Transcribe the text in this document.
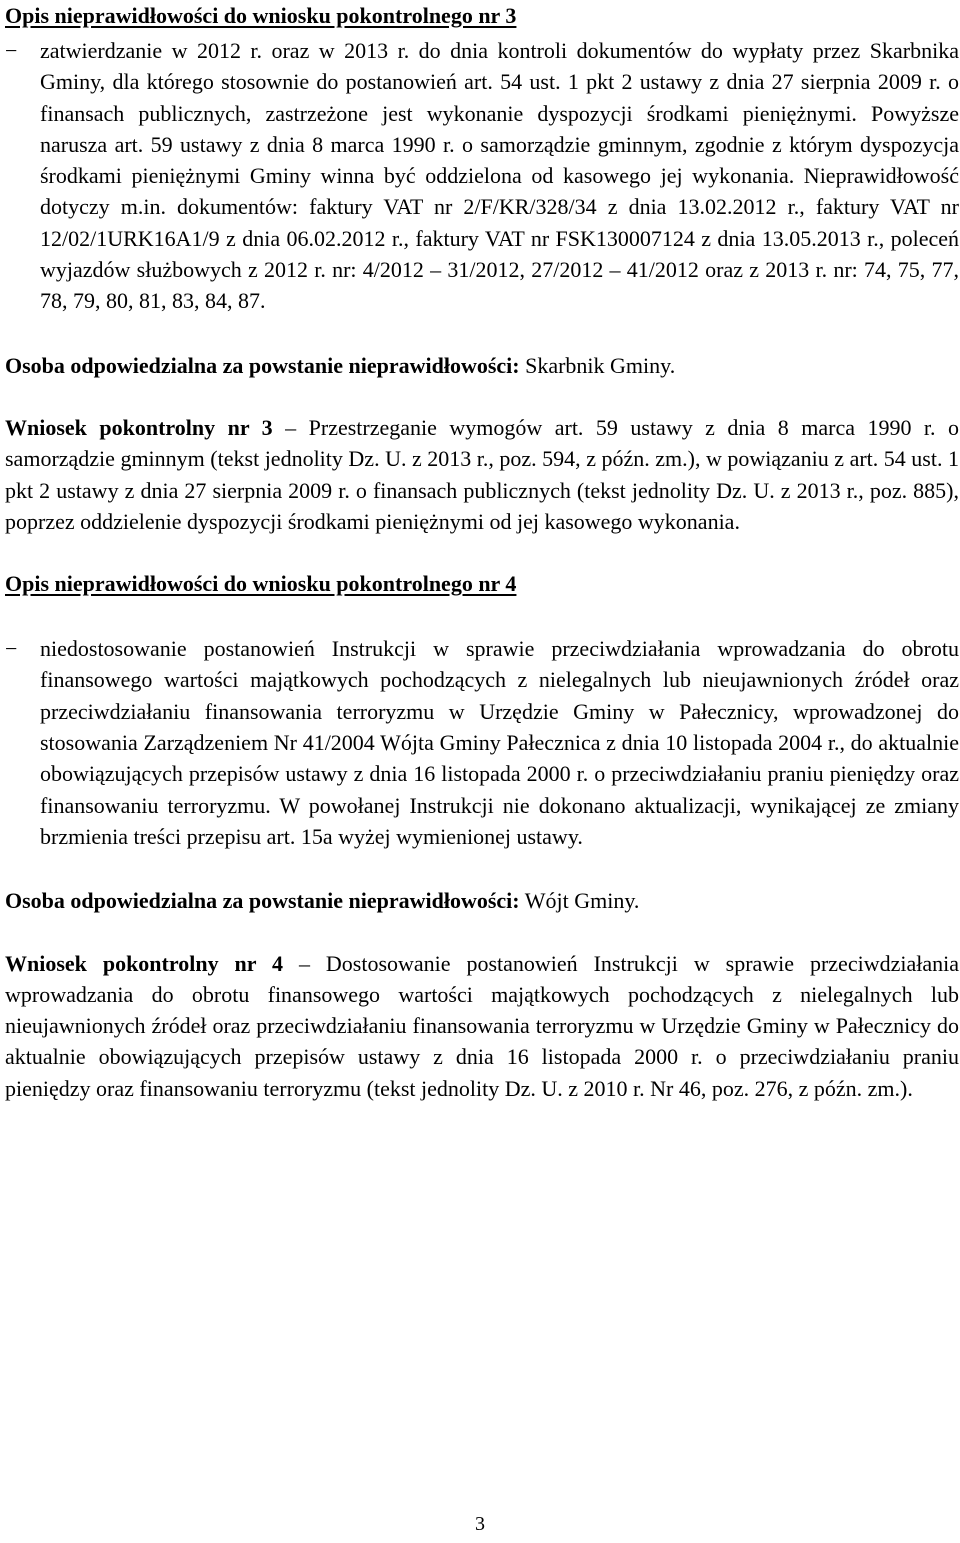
Opis nieprawidłowości do wniosku pokontrolnego nr 3
−	zatwierdzanie w 2012 r. oraz w 2013 r. do dnia kontroli dokumentów do wypłaty przez Skarbnika Gminy, dla którego stosownie do postanowień art. 54 ust. 1 pkt 2 ustawy z dnia 27 sierpnia 2009 r. o finansach publicznych, zastrzeżone jest wykonanie dyspozycji środkami pieniężnymi. Powyższe narusza art. 59 ustawy z dnia 8 marca 1990 r. o samorządzie gminnym, zgodnie z którym dyspozycja środkami pieniężnymi Gminy winna być oddzielona od kasowego jej wykonania. Nieprawidłowość dotyczy m.in. dokumentów: faktury VAT nr 2/F/KR/328/34 z dnia 13.02.2012 r., faktury VAT nr 12/02/1URK16A1/9 z dnia 06.02.2012 r., faktury VAT nr FSK130007124 z dnia 13.05.2013 r., poleceń wyjazdów służbowych z 2012 r. nr: 4/2012 – 31/2012, 27/2012 – 41/2012 oraz z 2013 r. nr: 74, 75, 77, 78, 79, 80, 81, 83, 84, 87.

Osoba odpowiedzialna za powstanie nieprawidłowości: Skarbnik Gminy.

Wniosek pokontrolny nr 3 – Przestrzeganie wymogów art. 59 ustawy z dnia 8 marca 1990 r. o samorządzie gminnym (tekst jednolity Dz. U. z 2013 r., poz. 594, z późn. zm.), w powiązaniu z art. 54 ust. 1 pkt 2 ustawy z dnia 27 sierpnia 2009 r. o finansach publicznych (tekst jednolity Dz. U. z 2013 r., poz. 885), poprzez oddzielenie dyspozycji środkami pieniężnymi od jej kasowego wykonania.

Opis nieprawidłowości do wniosku pokontrolnego nr 4
−	niedostosowanie postanowień Instrukcji w sprawie przeciwdziałania wprowadzania do obrotu finansowego wartości majątkowych pochodzących z nielegalnych lub nieujawnionych źródeł oraz przeciwdziałaniu finansowania terroryzmu w Urzędzie Gminy w Pałecznicy, wprowadzonej do stosowania Zarządzeniem Nr 41/2004 Wójta Gminy Pałecznica z dnia 10 listopada 2004 r., do aktualnie obowiązujących przepisów ustawy z dnia 16 listopada 2000 r. o przeciwdziałaniu praniu pieniędzy oraz finansowaniu terroryzmu. W powołanej Instrukcji nie dokonano aktualizacji, wynikającej ze zmiany brzmienia treści przepisu art. 15a wyżej wymienionej ustawy.

Osoba odpowiedzialna za powstanie nieprawidłowości: Wójt Gminy.

Wniosek pokontrolny nr 4 – Dostosowanie postanowień Instrukcji w sprawie przeciwdziałania wprowadzania do obrotu finansowego wartości majątkowych pochodzących z nielegalnych lub nieujawnionych źródeł oraz przeciwdziałaniu finansowania terroryzmu w Urzędzie Gminy w Pałecznicy do aktualnie obowiązujących przepisów ustawy z dnia 16 listopada 2000 r. o przeciwdziałaniu praniu pieniędzy oraz finansowaniu terroryzmu (tekst jednolity Dz. U. z 2010 r. Nr 46, poz. 276, z późn. zm.).

3
